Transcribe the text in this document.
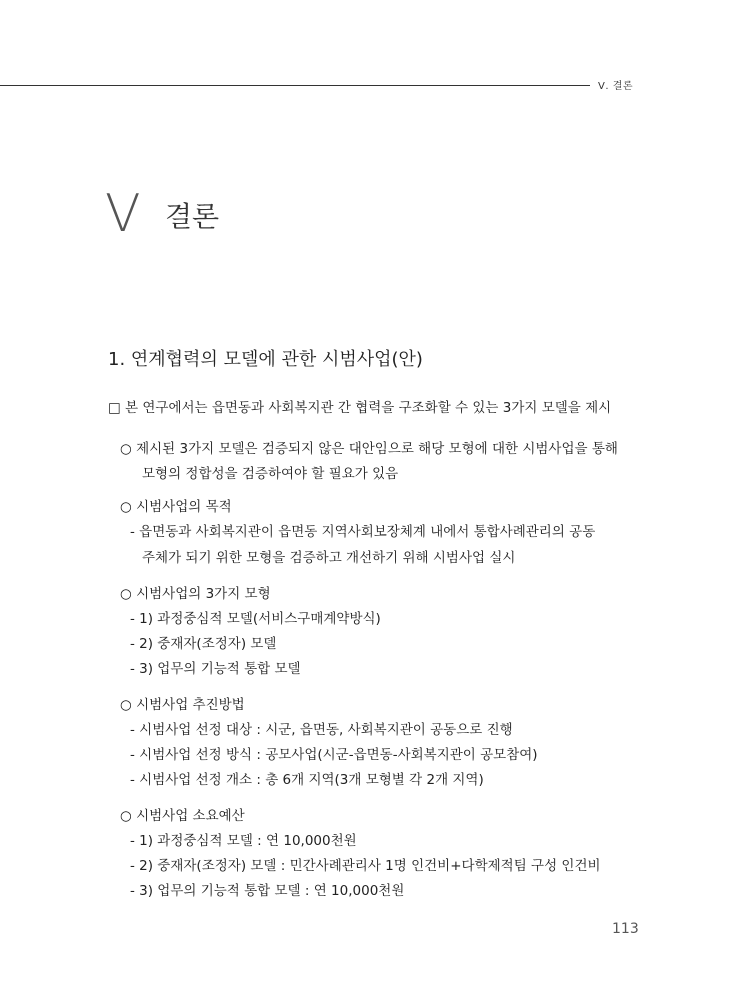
Ⅴ. 결론
Ⅴ 결론
1. 연계협력의 모델에 관한 시범사업(안)
□ 본 연구에서는 읍면동과 사회복지관 간 협력을 구조화할 수 있는 3가지 모델을 제시
○ 제시된 3가지 모델은 검증되지 않은 대안임으로 해당 모형에 대한 시범사업을 통해
모형의 정합성을 검증하여야 할 필요가 있음
○ 시범사업의 목적
- 읍면동과 사회복지관이 읍면동 지역사회보장체계 내에서 통합사례관리의 공동
주체가 되기 위한 모형을 검증하고 개선하기 위해 시범사업 실시
○ 시범사업의 3가지 모형
- 1) 과정중심적 모델(서비스구매계약방식)
- 2) 중재자(조정자) 모델
- 3) 업무의 기능적 통합 모델
○ 시범사업 추진방법
- 시범사업 선정 대상 : 시군, 읍면동, 사회복지관이 공동으로 진행
- 시범사업 선정 방식 : 공모사업(시군-읍면동-사회복지관이 공모참여)
- 시범사업 선정 개소 : 총 6개 지역(3개 모형별 각 2개 지역)
○ 시범사업 소요예산
- 1) 과정중심적 모델 : 연 10,000천원
- 2) 중재자(조정자) 모델 : 민간사례관리사 1명 인건비+다학제적팀 구성 인건비
- 3) 업무의 기능적 통합 모델 : 연 10,000천원
113
